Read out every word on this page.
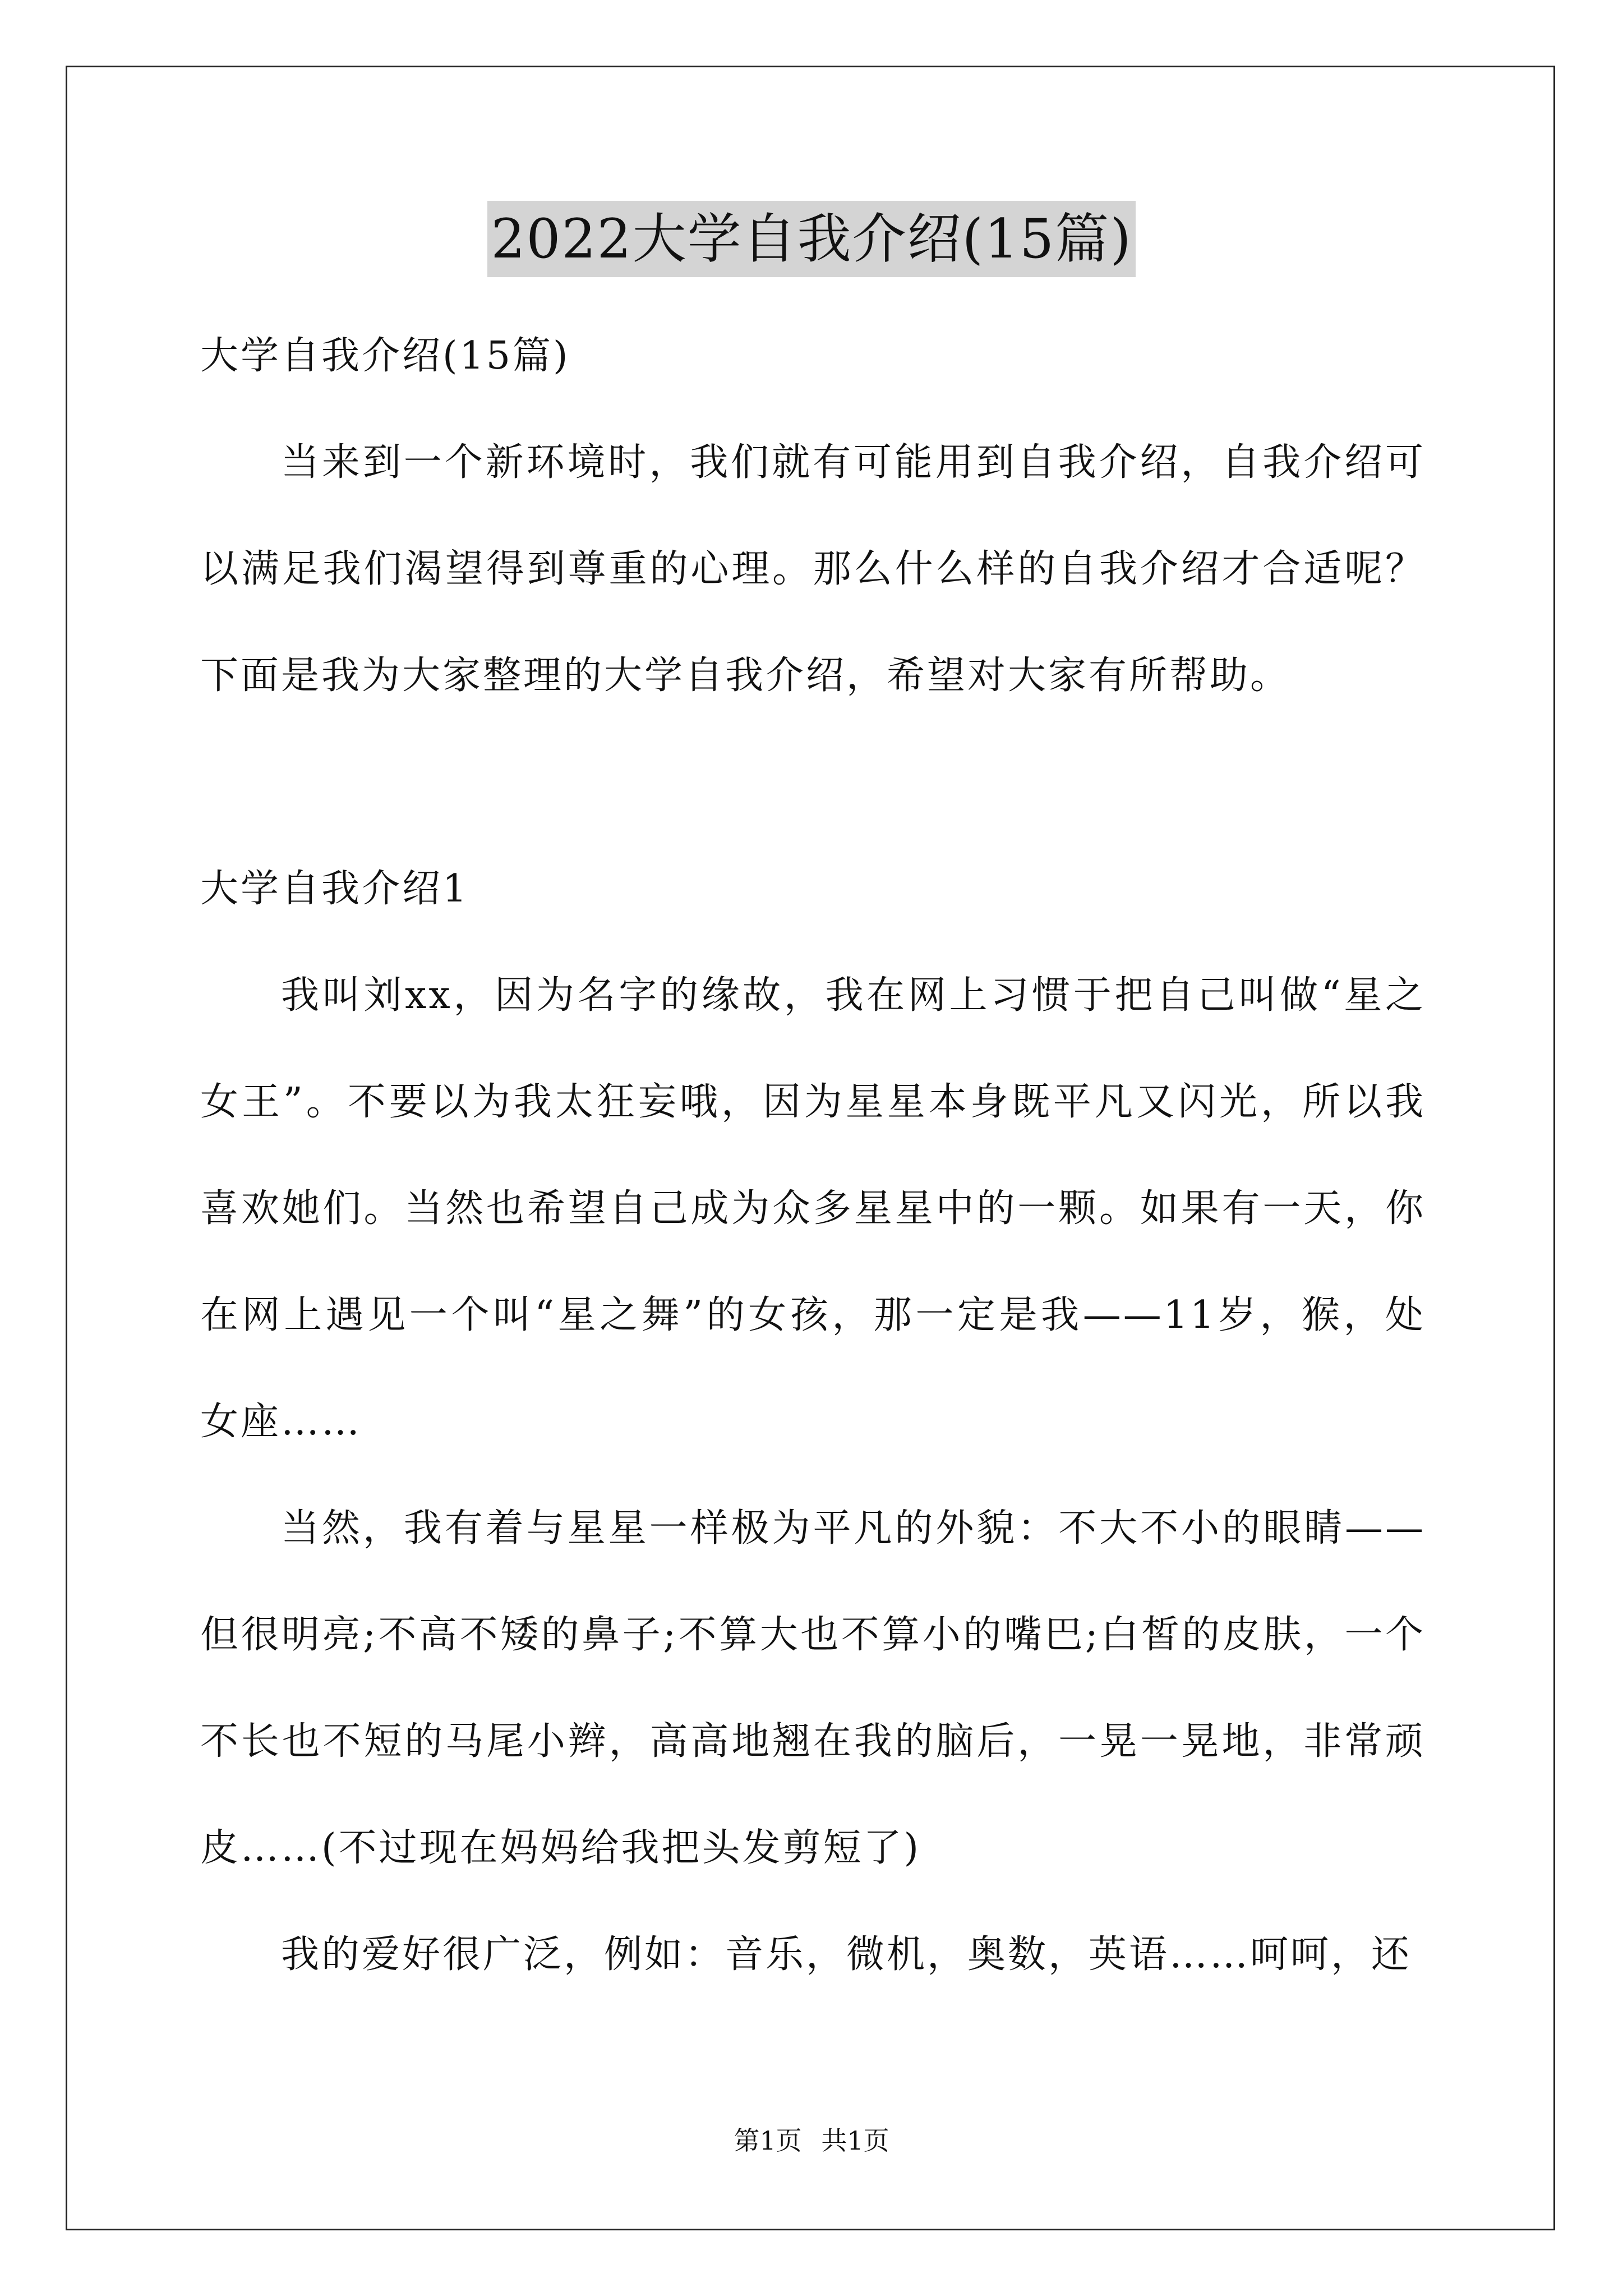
2022大学自我介绍(15篇)

大学自我介绍(15篇)

当来到一个新环境时，我们就有可能用到自我介绍，自我介绍可以满足我们渴望得到尊重的心理。那么什么样的自我介绍才合适呢？下面是我为大家整理的大学自我介绍，希望对大家有所帮助。

大学自我介绍1

我叫刘xx，因为名字的缘故，我在网上习惯于把自己叫做“星之女王”。不要以为我太狂妄哦，因为星星本身既平凡又闪光，所以我喜欢她们。当然也希望自己成为众多星星中的一颗。如果有一天，你在网上遇见一个叫“星之舞”的女孩，那一定是我——11岁，猴，处女座……

当然，我有着与星星一样极为平凡的外貌：不大不小的眼睛——但很明亮;不高不矮的鼻子;不算大也不算小的嘴巴;白皙的皮肤，一个不长也不短的马尾小辫，高高地翘在我的脑后，一晃一晃地，非常顽皮……(不过现在妈妈给我把头发剪短了)

我的爱好很广泛，例如：音乐，微机，奥数，英语……呵呵，还

第1页 共1页
